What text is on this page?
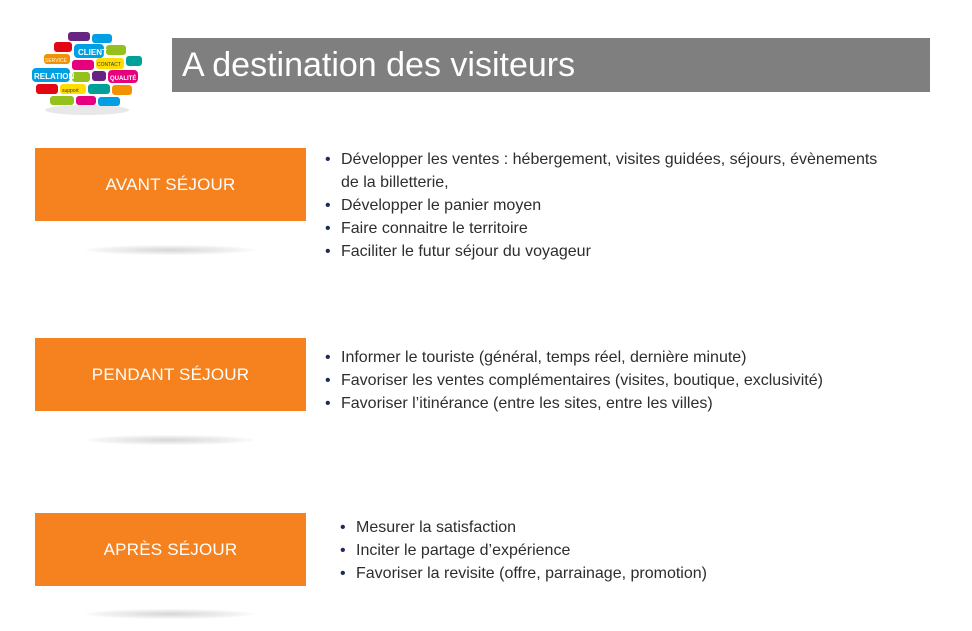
CLIENT
RELATION	QUALITÉ
SERVICE
CONTACT
support
A destination des visiteurs
AVANT SÉJOUR
• Développer les ventes : hébergement, visites guidées, séjours, évènements de la billetterie,
• Développer le panier moyen
• Faire connaitre le territoire
• Faciliter le futur séjour du voyageur
PENDANT SÉJOUR
• Informer le touriste (général, temps réel, dernière minute)
• Favoriser les ventes complémentaires (visites, boutique, exclusivité)
• Favoriser l’itinérance (entre les sites, entre les villes)
APRÈS SÉJOUR
• Mesurer la satisfaction
• Inciter le partage d’expérience
• Favoriser la revisite (offre, parrainage, promotion)
